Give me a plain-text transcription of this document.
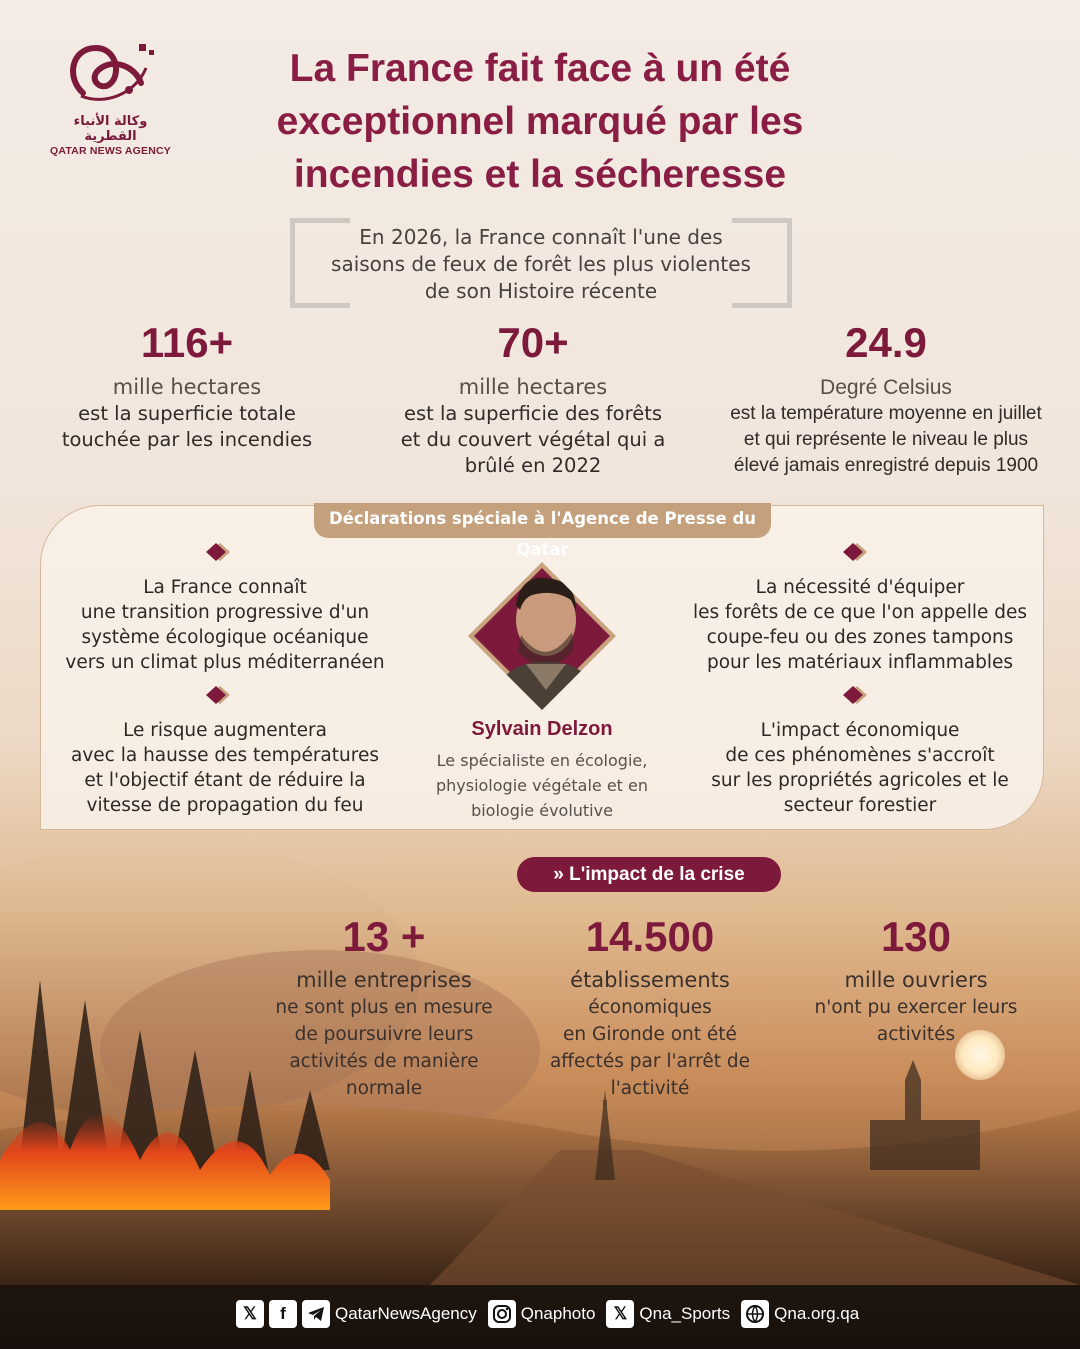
وكالة الأنباء القطرية
QATAR NEWS AGENCY
La France fait face à un été
exceptionnel marqué par les
incendies et la sécheresse
En 2026, la France connaît l'une des
saisons de feux de forêt les plus violentes
de son Histoire récente
116+
mille hectares
est la superficie totale
touchée par les incendies
70+
mille hectares
est la superficie des forêts
et du couvert végétal qui a
brûlé en 2022
24.9
Degré Celsius
est la température moyenne en juillet
et qui représente le niveau le plus
élevé jamais enregistré depuis 1900
Déclarations spéciale à l'Agence de Presse du Qatar
La France connaît
une transition progressive d'un
système écologique océanique
vers un climat plus méditerranéen
Le risque augmentera
avec la hausse des températures
et l'objectif étant de réduire la
vitesse de propagation du feu
La nécessité d'équiper
les forêts de ce que l'on appelle des
coupe-feu ou des zones tampons
pour les matériaux inflammables
L'impact économique
de ces phénomènes s'accroît
sur les propriétés agricoles et le
secteur forestier
Sylvain Delzon
Le spécialiste en écologie,
physiologie végétale et en
biologie évolutive
» L'impact de la crise
13 +
mille entreprises
ne sont plus en mesure
de poursuivre leurs
activités de manière
normale
14.500
établissements
économiques
en Gironde ont été
affectés par l'arrêt de
l'activité
130
mille ouvriers
n'ont pu exercer leurs
activités
𝕏	f	QatarNewsAgency	Qnaphoto	𝕏 Qna_Sports	Qna.org.qa
